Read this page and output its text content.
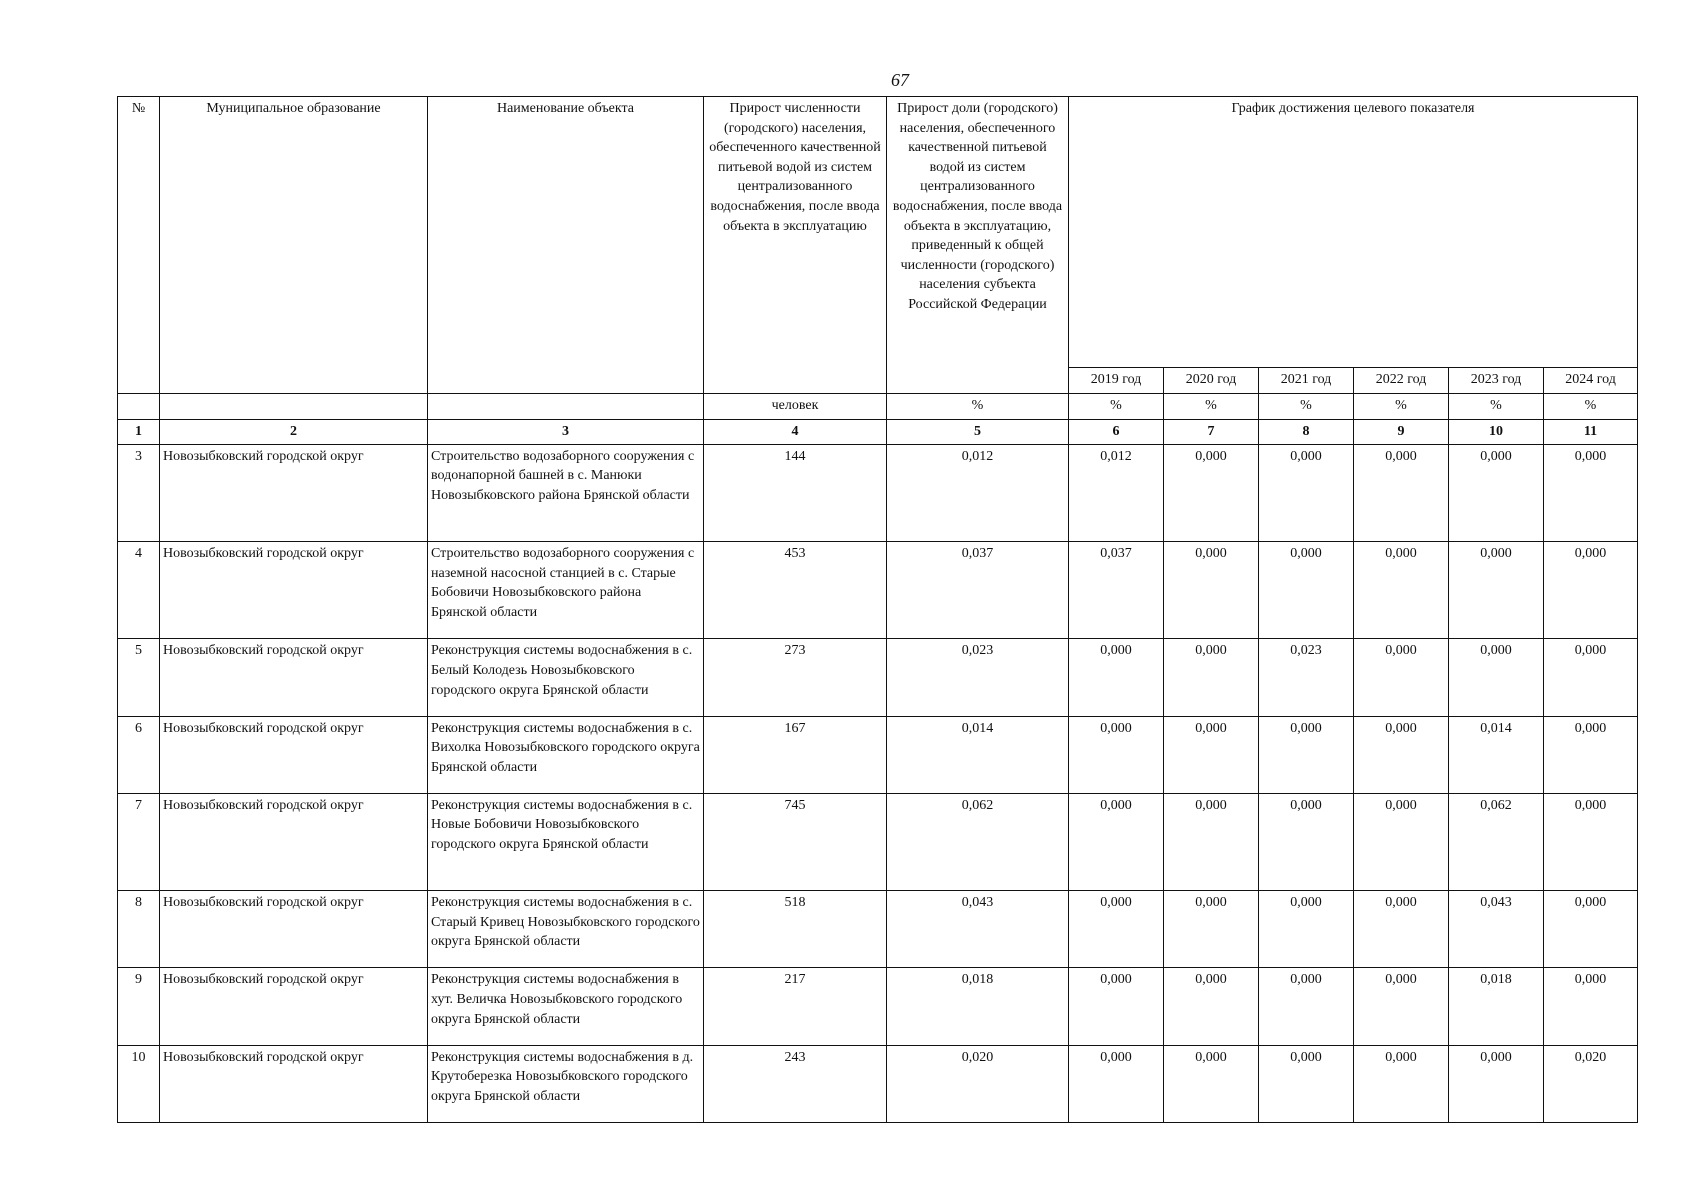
67
№	Муниципальное образование	Наименование объекта	Прирост численности (городского) населения, обеспеченного качественной питьевой водой из систем централизованного водоснабжения, после ввода объекта в эксплуатацию	Прирост доли (городского) населения, обеспеченного качественной питьевой водой из систем централизованного водоснабжения, после ввода объекта в эксплуатацию, приведенный к общей численности (городского) населения субъекта Российской Федерации	График достижения целевого показателя					
					2019 год	2020 год	2021 год	2022 год	2023 год	2024 год
			человек	%	%	%	%	%	%	%
1	2	3	4	5	6	7	8	9	10	11
3	Новозыбковский городской округ	Строительство водозаборного сооружения с водонапорной башней в с. Манюки Новозыбковского района Брянской области	144	0,012	0,012	0,000	0,000	0,000	0,000	0,000
4	Новозыбковский городской округ	Строительство водозаборного сооружения с наземной насосной станцией в с. Старые Бобовичи Новозыбковского района Брянской области	453	0,037	0,037	0,000	0,000	0,000	0,000	0,000
5	Новозыбковский городской округ	Реконструкция системы водоснабжения в с. Белый Колодезь Новозыбковского городского округа Брянской области	273	0,023	0,000	0,000	0,023	0,000	0,000	0,000
6	Новозыбковский городской округ	Реконструкция системы водоснабжения в с. Вихолка Новозыбковского городского округа Брянской области	167	0,014	0,000	0,000	0,000	0,000	0,014	0,000
7	Новозыбковский городской округ	Реконструкция системы водоснабжения в с. Новые Бобовичи Новозыбковского городского округа Брянской области	745	0,062	0,000	0,000	0,000	0,000	0,062	0,000
8	Новозыбковский городской округ	Реконструкция системы водоснабжения в с. Старый Кривец Новозыбковского городского округа Брянской области	518	0,043	0,000	0,000	0,000	0,000	0,043	0,000
9	Новозыбковский городской округ	Реконструкция системы водоснабжения в хут. Величка Новозыбковского городского округа Брянской области	217	0,018	0,000	0,000	0,000	0,000	0,018	0,000
10	Новозыбковский городской округ	Реконструкция системы водоснабжения в д. Крутоберезка Новозыбковского городского округа Брянской области	243	0,020	0,000	0,000	0,000	0,000	0,000	0,020
